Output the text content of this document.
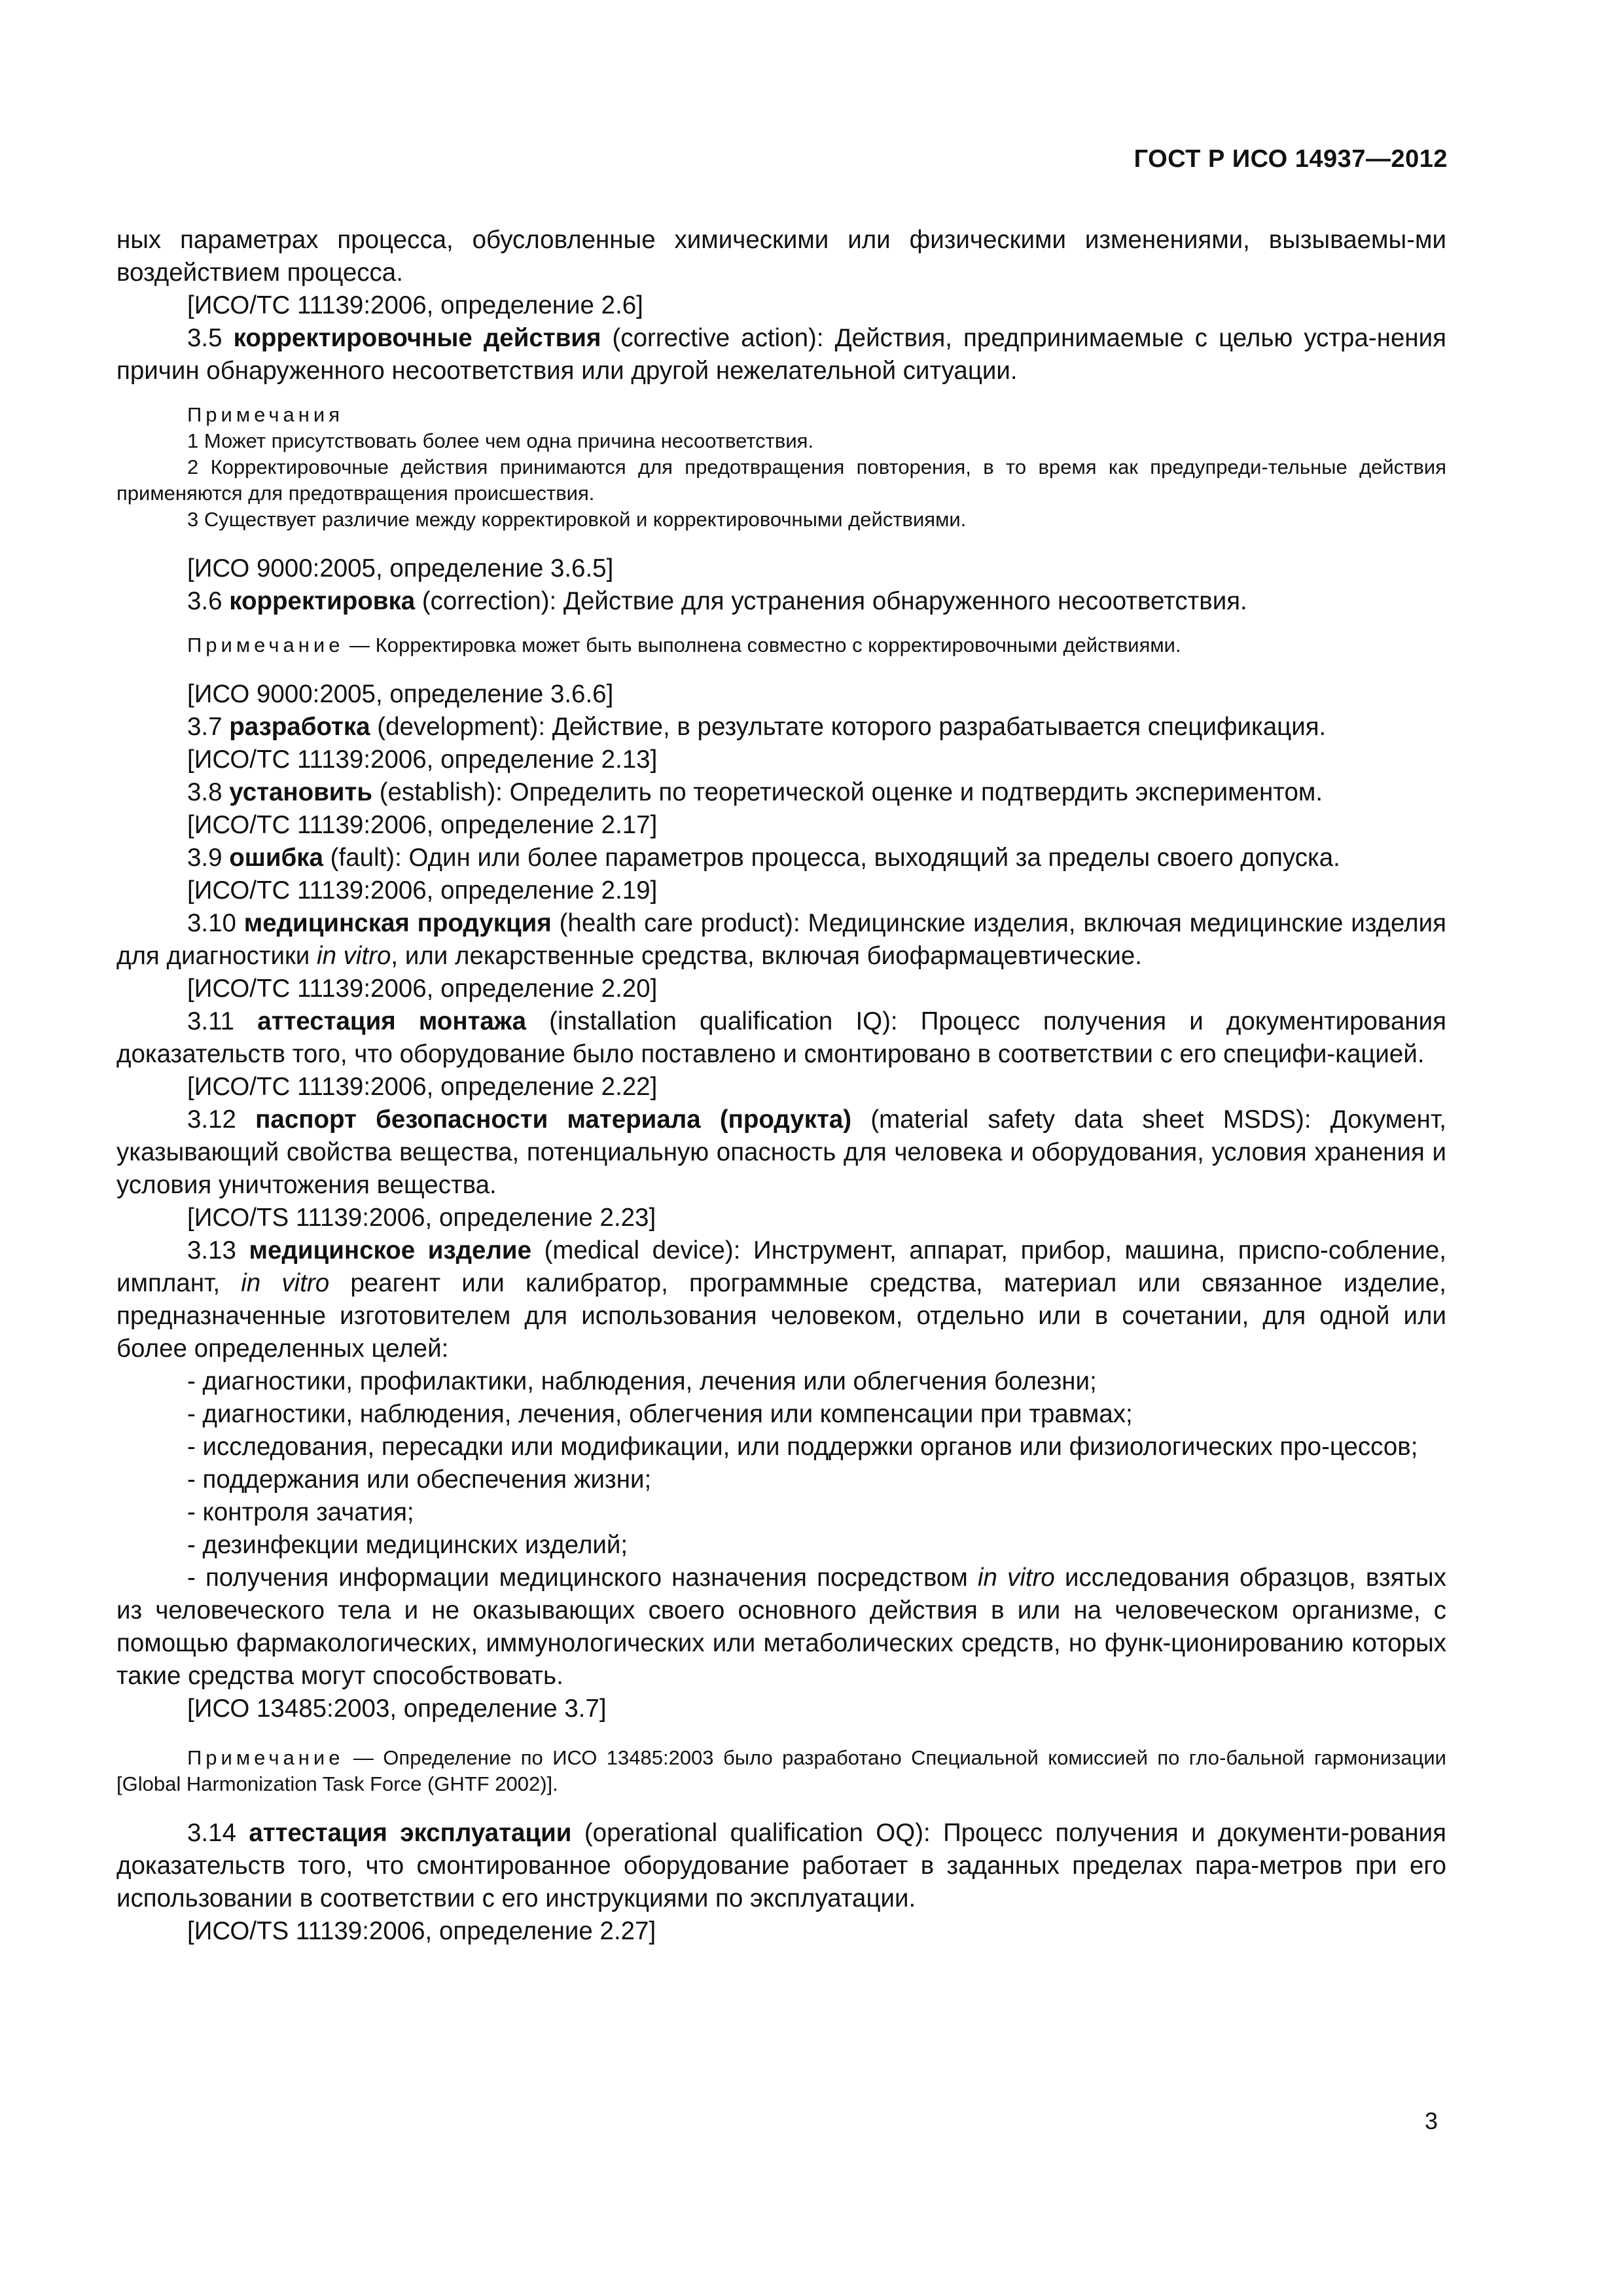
ГОСТ Р ИСО 14937—2012

ных параметрах процесса, обусловленные химическими или физическими изменениями, вызываемы-ми воздействием процесса.

[ИСО/ТС 11139:2006, определение 2.6]

3.5 корректировочные действия (corrective action): Действия, предпринимаемые с целью устра-нения причин обнаруженного несоответствия или другой нежелательной ситуации.

Примечания

1 Может присутствовать более чем одна причина несоответствия.

2 Корректировочные действия принимаются для предотвращения повторения, в то время как предупреди-тельные действия применяются для предотвращения происшествия.

3 Существует различие между корректировкой и корректировочными действиями.

[ИСО 9000:2005, определение 3.6.5]

3.6 корректировка (correction): Действие для устранения обнаруженного несоответствия.

Примечание — Корректировка может быть выполнена совместно с корректировочными действиями.

[ИСО 9000:2005, определение 3.6.6]

3.7 разработка (development): Действие, в результате которого разрабатывается спецификация.

[ИСО/ТС 11139:2006, определение 2.13]

3.8 установить (establish): Определить по теоретической оценке и подтвердить экспериментом.

[ИСО/ТС 11139:2006, определение 2.17]

3.9 ошибка (fault): Один или более параметров процесса, выходящий за пределы своего допуска.

[ИСО/ТС 11139:2006, определение 2.19]

3.10 медицинская продукция (health care product): Медицинские изделия, включая медицинские изделия для диагностики in vitro, или лекарственные средства, включая биофармацевтические.

[ИСО/ТС 11139:2006, определение 2.20]

3.11 аттестация монтажа (installation qualification IQ): Процесс получения и документирования доказательств того, что оборудование было поставлено и смонтировано в соответствии с его специфи-кацией.

[ИСО/ТС 11139:2006, определение 2.22]

3.12 паспорт безопасности материала (продукта) (material safety data sheet MSDS): Документ, указывающий свойства вещества, потенциальную опасность для человека и оборудования, условия хранения и условия уничтожения вещества.

[ИСО/TS 11139:2006, определение 2.23]

3.13 медицинское изделие (medical device): Инструмент, аппарат, прибор, машина, приспо-собление, имплант, in vitro реагент или калибратор, программные средства, материал или связанное изделие, предназначенные изготовителем для использования человеком, отдельно или в сочетании, для одной или более определенных целей:

- диагностики, профилактики, наблюдения, лечения или облегчения болезни;

- диагностики, наблюдения, лечения, облегчения или компенсации при травмах;

- исследования, пересадки или модификации, или поддержки органов или физиологических про-цессов;

- поддержания или обеспечения жизни;

- контроля зачатия;

- дезинфекции медицинских изделий;

- получения информации медицинского назначения посредством in vitro исследования образцов, взятых из человеческого тела и не оказывающих своего основного действия в или на человеческом организме, с помощью фармакологических, иммунологических или метаболических средств, но функ-ционированию которых такие средства могут способствовать.

[ИСО 13485:2003, определение 3.7]

Примечание — Определение по ИСО 13485:2003 было разработано Специальной комиссией по гло-бальной гармонизации [Global Harmonization Task Force (GHTF 2002)].

3.14 аттестация эксплуатации (operational qualification OQ): Процесс получения и документи-рования доказательств того, что смонтированное оборудование работает в заданных пределах пара-метров при его использовании в соответствии с его инструкциями по эксплуатации.

[ИСО/TS 11139:2006, определение 2.27]

3
